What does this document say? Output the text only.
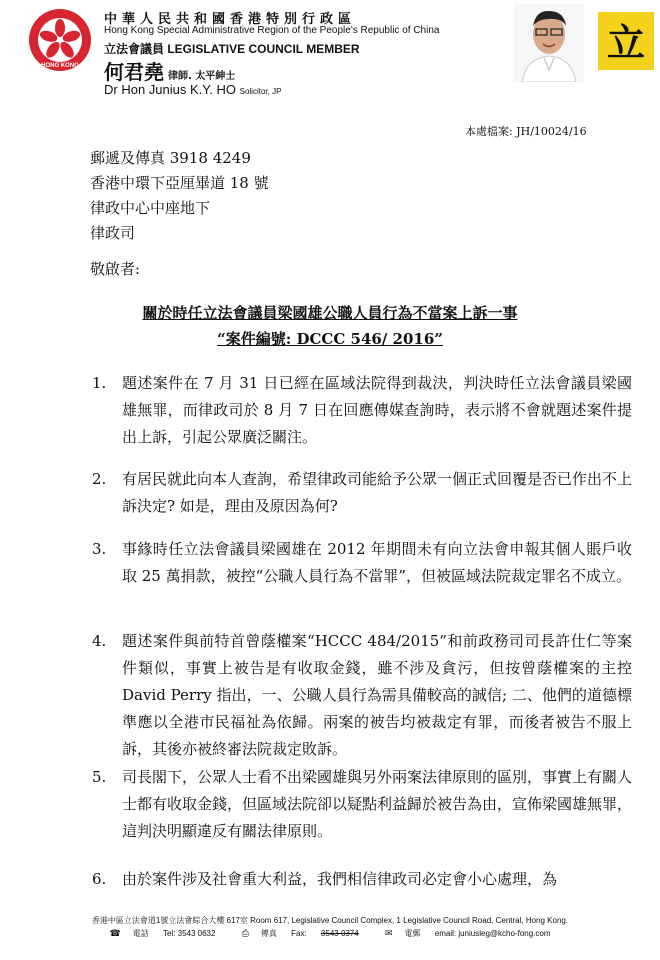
HONG KONG
中華人民共和國香港特別行政區
Hong Kong Special Administrative Region of the People's Republic of China
立法會議員 LEGISLATIVE COUNCIL MEMBER
何君堯 律師. 太平紳士
Dr Hon Junius K.Y. HO Solicitor, JP
立
本處檔案: JH/10024/16
郵遞及傳真 3918 4249
香港中環下亞厘畢道 18 號
律政中心中座地下
律政司
敬啟者:
關於時任立法會議員梁國雄公職人員行為不當案上訴一事
“案件編號: DCCC 546/ 2016”
1.	題述案件在 7 月 31 日已經在區域法院得到裁決，判決時任立法會議員梁國雄無罪，而律政司於 8 月 7 日在回應傳媒查詢時，表示將不會就題述案件提出上訴，引起公眾廣泛關注。
2.	有居民就此向本人查詢，希望律政司能給予公眾一個正式回覆是否已作出不上訴決定? 如是，理由及原因為何?
3.	事緣時任立法會議員梁國雄在 2012 年期間未有向立法會申報其個人賬戶收取 25 萬捐款，被控“公職人員行為不當罪”，但被區域法院裁定罪名不成立。
4.	題述案件與前特首曾蔭權案“HCCC 484/2015”和前政務司司長許仕仁等案件類似，事實上被告是有收取金錢，雖不涉及貪污，但按曾蔭權案的主控 David Perry 指出，一、公職人員行為需具備較高的誠信; 二、他們的道德標準應以全港市民福祉為依歸。兩案的被告均被裁定有罪，而後者被告不服上訴，其後亦被終審法院裁定敗訴。
5.	司長閣下，公眾人士看不出梁國雄與另外兩案法律原則的區別，事實上有關人士都有收取金錢，但區域法院卻以疑點利益歸於被告為由，宣佈梁國雄無罪，這判決明顯違反有關法律原則。
6.	由於案件涉及社會重大利益，我們相信律政司必定會小心處理，為
香港中區立法會道1號立法會綜合大樓 617室 Room 617, Legislative Council Complex, 1 Legislative Council Road, Central, Hong Kong.
☎ 電話 Tel: 3543 0632	⎙ 傳真 Fax: 3543 0374	✉ 電郵 email: juniusleg@kcho-fong.com
